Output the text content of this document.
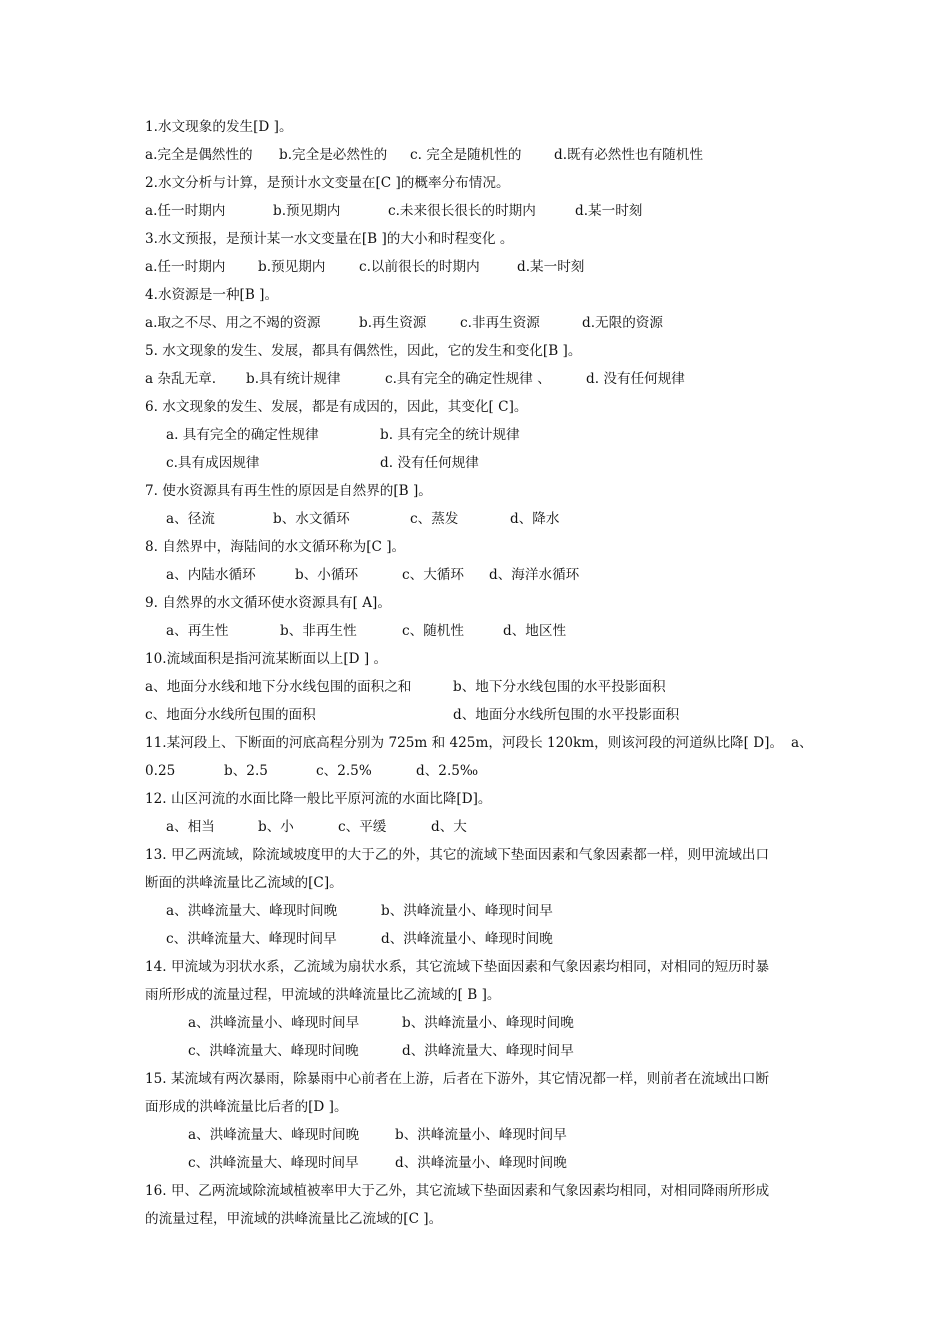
1.水文现象的发生[D ]。
a.完全是偶然性的 b.完全是必然性的 c. 完全是随机性的 d.既有必然性也有随机性
2.水文分析与计算，是预计水文变量在[C ]的概率分布情况。
a.任一时期内	b.预见期内	c.未来很长很长的时期内	d.某一时刻
3.水文预报，是预计某一水文变量在[B ]的大小和时程变化 。
a.任一时期内 b.预见期内 c.以前很长的时期内	d.某一时刻
4.水资源是一种[B ]。
a.取之不尽、用之不竭的资源	b.再生资源 c.非再生资源	d.无限的资源
5. 水文现象的发生、发展，都具有偶然性，因此，它的发生和变化[B ]。
a 杂乱无章. b.具有统计规律	c.具有完全的确定性规律 、	d. 没有任何规律
6. 水文现象的发生、发展，都是有成因的，因此，其变化[ C]。
a. 具有完全的确定性规律	b. 具有完全的统计规律
c.具有成因规律	d. 没有任何规律
7. 使水资源具有再生性的原因是自然界的[B ]。
a、径流	b、水文循环	c、蒸发	d、降水
8. 自然界中，海陆间的水文循环称为[C ]。
a、内陆水循环	b、小循环	c、大循环 d、海洋水循环
9. 自然界的水文循环使水资源具有[ A]。
a、再生性	b、非再生性	c、随机性	d、地区性
10.流域面积是指河流某断面以上[D ] 。
a、地面分水线和地下分水线包围的面积之和	b、地下分水线包围的水平投影面积
c、地面分水线所包围的面积	d、地面分水线所包围的水平投影面积
11.某河段上、下断面的河底高程分别为 725m 和 425m，河段长 120km，则该河段的河道纵比降[ D]。 a、
0.25	b、2.5	c、2.5%	d、2.5‰
12. 山区河流的水面比降一般比平原河流的水面比降[D]。
a、相当	b、小	c、平缓	d、大
13. 甲乙两流域，除流域坡度甲的大于乙的外，其它的流域下垫面因素和气象因素都一样，则甲流域出口
断面的洪峰流量比乙流域的[C]。
a、洪峰流量大、峰现时间晚	b、洪峰流量小、峰现时间早
c、洪峰流量大、峰现时间早	d、洪峰流量小、峰现时间晚
14. 甲流域为羽状水系，乙流域为扇状水系，其它流域下垫面因素和气象因素均相同，对相同的短历时暴
雨所形成的流量过程，甲流域的洪峰流量比乙流域的[ B ]。
a、洪峰流量小、峰现时间早	b、洪峰流量小、峰现时间晚
c、洪峰流量大、峰现时间晚	d、洪峰流量大、峰现时间早
15. 某流域有两次暴雨，除暴雨中心前者在上游，后者在下游外，其它情况都一样，则前者在流域出口断
面形成的洪峰流量比后者的[D ]。
a、洪峰流量大、峰现时间晚	b、洪峰流量小、峰现时间早
c、洪峰流量大、峰现时间早	d、洪峰流量小、峰现时间晚
16. 甲、乙两流域除流域植被率甲大于乙外，其它流域下垫面因素和气象因素均相同，对相同降雨所形成
的流量过程，甲流域的洪峰流量比乙流域的[C ]。
